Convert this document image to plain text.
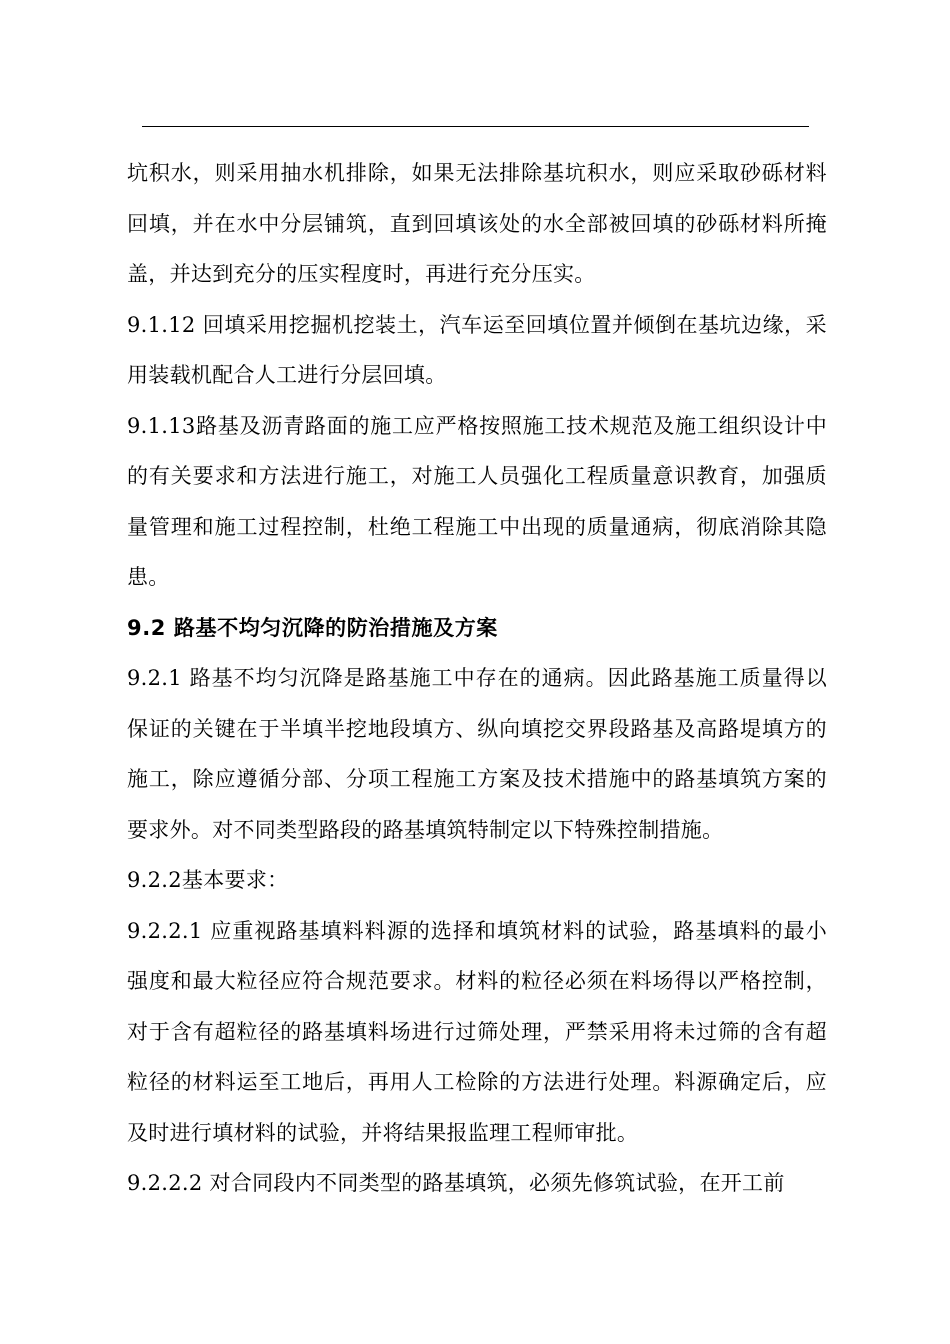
坑积水，则采用抽水机排除，如果无法排除基坑积水，则应采取砂砾材料回填，并在水中分层铺筑，直到回填该处的水全部被回填的砂砾材料所掩盖，并达到充分的压实程度时，再进行充分压实。

9.1.12 回填采用挖掘机挖装土，汽车运至回填位置并倾倒在基坑边缘，采用装载机配合人工进行分层回填。

9.1.13路基及沥青路面的施工应严格按照施工技术规范及施工组织设计中的有关要求和方法进行施工，对施工人员强化工程质量意识教育，加强质量管理和施工过程控制，杜绝工程施工中出现的质量通病，彻底消除其隐患。

9.2 路基不均匀沉降的防治措施及方案

9.2.1 路基不均匀沉降是路基施工中存在的通病。因此路基施工质量得以保证的关键在于半填半挖地段填方、纵向填挖交界段路基及高路堤填方的施工，除应遵循分部、分项工程施工方案及技术措施中的路基填筑方案的要求外。对不同类型路段的路基填筑特制定以下特殊控制措施。

9.2.2基本要求：

9.2.2.1 应重视路基填料料源的选择和填筑材料的试验，路基填料的最小强度和最大粒径应符合规范要求。材料的粒径必须在料场得以严格控制，对于含有超粒径的路基填料场进行过筛处理，严禁采用将未过筛的含有超粒径的材料运至工地后，再用人工检除的方法进行处理。料源确定后，应及时进行填材料的试验，并将结果报监理工程师审批。

9.2.2.2 对合同段内不同类型的路基填筑，必须先修筑试验，在开工前
